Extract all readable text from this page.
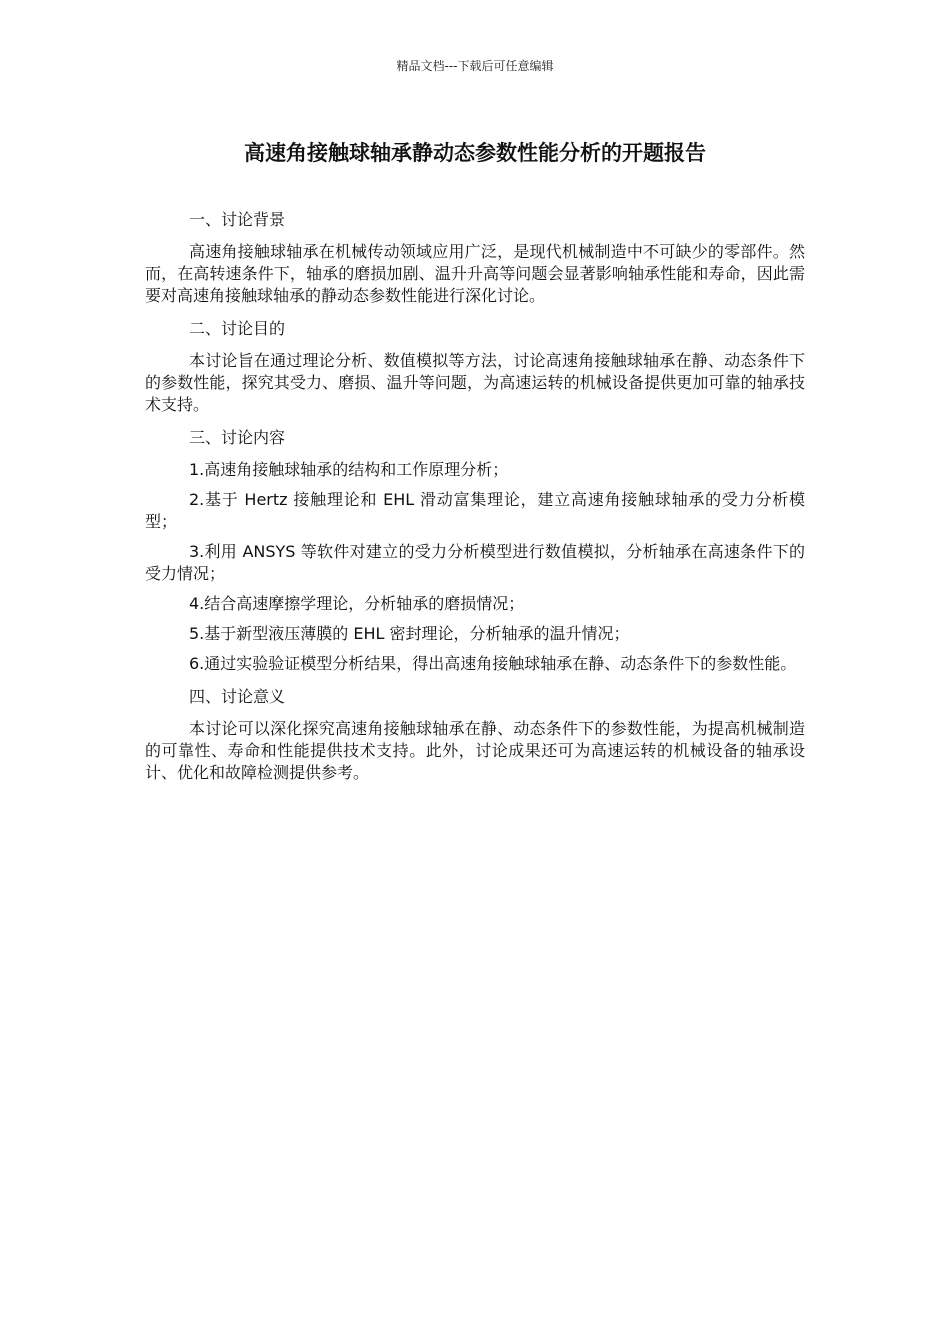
精品文档---下载后可任意编辑
高速角接触球轴承静动态参数性能分析的开题报告
一、讨论背景

高速角接触球轴承在机械传动领域应用广泛，是现代机械制造中不可缺少的零部件。然而，在高转速条件下，轴承的磨损加剧、温升升高等问题会显著影响轴承性能和寿命，因此需要对高速角接触球轴承的静动态参数性能进行深化讨论。

二、讨论目的

本讨论旨在通过理论分析、数值模拟等方法，讨论高速角接触球轴承在静、动态条件下的参数性能，探究其受力、磨损、温升等问题，为高速运转的机械设备提供更加可靠的轴承技术支持。

三、讨论内容

1.高速角接触球轴承的结构和工作原理分析；

2.基于 Hertz 接触理论和 EHL 滑动富集理论，建立高速角接触球轴承的受力分析模型；

3.利用 ANSYS 等软件对建立的受力分析模型进行数值模拟，分析轴承在高速条件下的受力情况；

4.结合高速摩擦学理论，分析轴承的磨损情况；

5.基于新型液压薄膜的 EHL 密封理论，分析轴承的温升情况；

6.通过实验验证模型分析结果，得出高速角接触球轴承在静、动态条件下的参数性能。

四、讨论意义

本讨论可以深化探究高速角接触球轴承在静、动态条件下的参数性能，为提高机械制造的可靠性、寿命和性能提供技术支持。此外，讨论成果还可为高速运转的机械设备的轴承设计、优化和故障检测提供参考。
